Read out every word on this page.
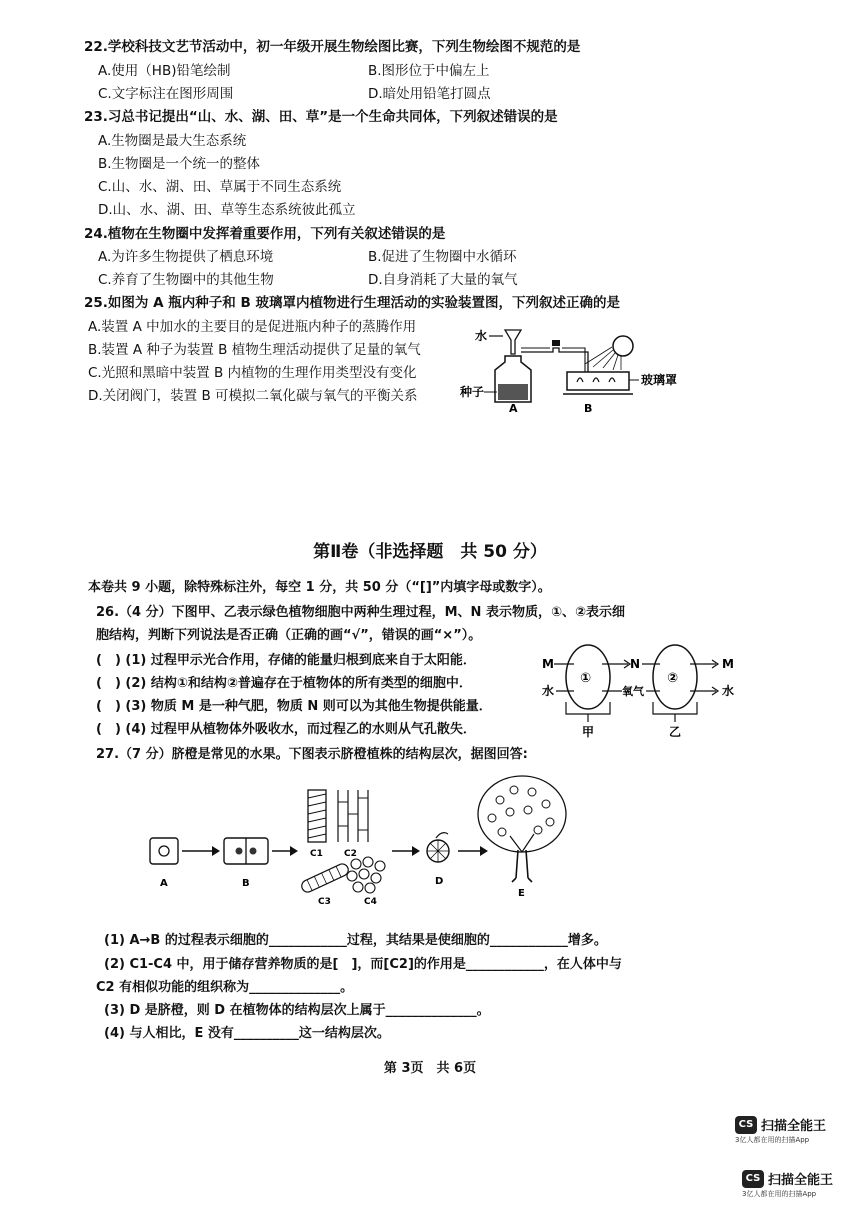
22.学校科技文艺节活动中，初一年级开展生物绘图比赛，下列生物绘图不规范的是
A.使用（HB)铅笔绘制	B.图形位于中偏左上
C.文字标注在图形周围	D.暗处用铅笔打圆点
23.习总书记提出“山、水、湖、田、草”是一个生命共同体，下列叙述错误的是
A.生物圈是最大生态系统
B.生物圈是一个统一的整体
C.山、水、湖、田、草属于不同生态系统
D.山、水、湖、田、草等生态系统彼此孤立
24.植物在生物圈中发挥着重要作用，下列有关叙述错误的是
A.为许多生物提供了栖息环境	B.促进了生物圈中水循环
C.养育了生物圈中的其他生物	D.自身消耗了大量的氧气
25.如图为 A 瓶内种子和 B 玻璃罩内植物进行生理活动的实验装置图，下列叙述正确的是
A.装置 A 中加水的主要目的是促进瓶内种子的蒸腾作用
B.装置 A 种子为装置 B 植物生理活动提供了足量的氧气
C.光照和黑暗中装置 B 内植物的生理作用类型没有变化
D.关闭阀门，装置 B 可模拟二氧化碳与氧气的平衡关系
水
玻璃罩
种子
A	B
第Ⅱ卷（非选择题　共 50 分）
本卷共 9 小题，除特殊标注外，每空 1 分，共 50 分（“[]”内填字母或数字）。
26.（4 分）下图甲、乙表示绿色植物细胞中两种生理过程，M、N 表示物质，①、②表示细
胞结构，判断下列说法是否正确（正确的画“√”，错误的画“×”）。
(　) (1) 过程甲示光合作用，存储的能量归根到底来自于太阳能．
(　) (2) 结构①和结构②普遍存在于植物体的所有类型的细胞中．
(　) (3) 物质 M 是一种气肥，物质 N 则可以为其他生物提供能量．
(　) (4) 过程甲从植物体外吸收水，而过程乙的水则从气孔散失．
M
水
①	②
N
氧气
M
水
甲	乙
27.（7 分）脐橙是常见的水果。下图表示脐橙植株的结构层次，据图回答:
A	B
C1 C2
C3	C4
D
E
(1) A→B 的过程表示细胞的____________过程，其结果是使细胞的____________增多。
(2) C1-C4 中，用于储存营养物质的是[　]，而[C2]的作用是____________，在人体中与
C2 有相似功能的组织称为______________。
(3) D 是脐橙，则 D 在植物体的结构层次上属于______________。
(4) 与人相比，E 没有__________这一结构层次。
第 3页　共 6页
CS 扫描全能王
3亿人都在用的扫描App
CS 扫描全能王
3亿人都在用的扫描App
